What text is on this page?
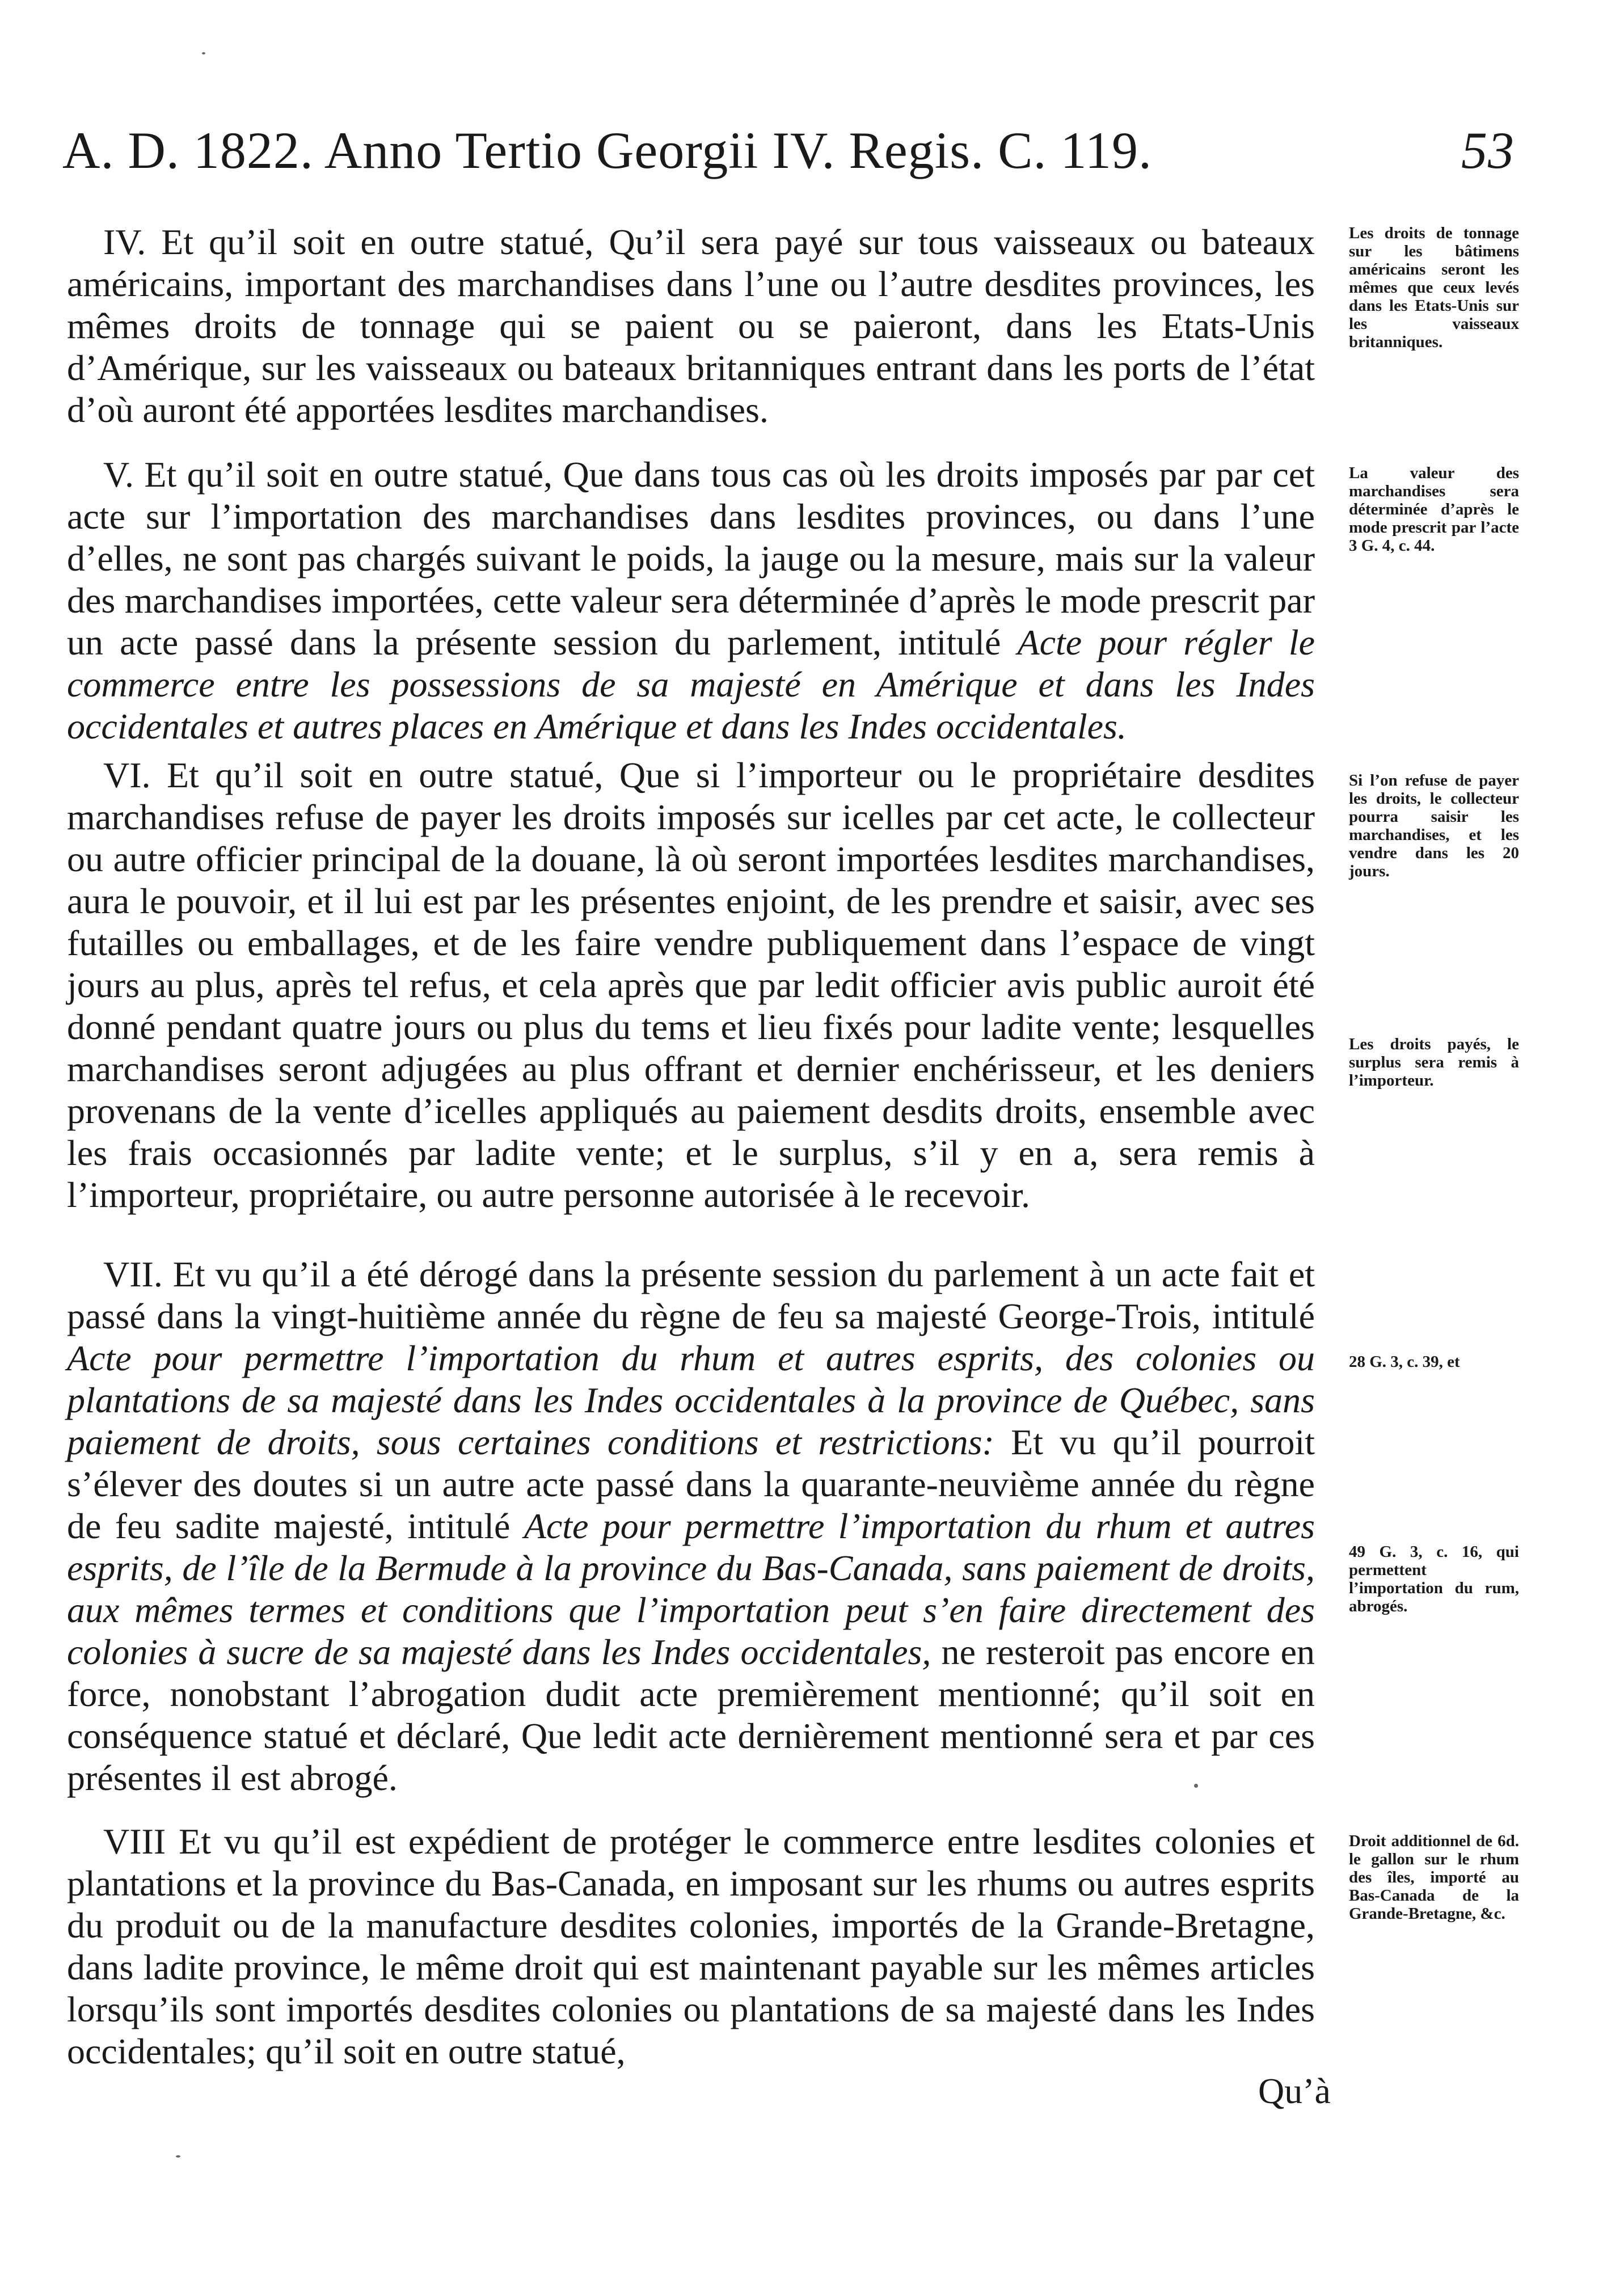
A. D. 1822. Anno Tertio Georgii IV. Regis. C. 119.	53

IV. Et qu’il soit en outre statué, Qu’il sera payé sur tous vaisseaux ou bateaux américains, important des marchandises dans l’une ou l’autre desdites provinces, les mêmes droits de tonnage qui se paient ou se paieront, dans les Etats-Unis d’Amérique, sur les vaisseaux ou bateaux britanniques entrant dans les ports de l’état d’où auront été apportées lesdites marchandises.

V. Et qu’il soit en outre statué, Que dans tous cas où les droits imposés par par cet acte sur l’importation des marchandises dans lesdites provinces, ou dans l’une d’elles, ne sont pas chargés suivant le poids, la jauge ou la mesure, mais sur la valeur des marchandises importées, cette valeur sera déterminée d’après le mode prescrit par un acte passé dans la présente session du parlement, intitulé Acte pour régler le commerce entre les possessions de sa majesté en Amérique et dans les Indes occidentales et autres places en Amérique et dans les Indes occidentales.

VI. Et qu’il soit en outre statué, Que si l’importeur ou le propriétaire desdites marchandises refuse de payer les droits imposés sur icelles par cet acte, le collecteur ou autre officier principal de la douane, là où seront importées lesdites marchandises, aura le pouvoir, et il lui est par les présentes enjoint, de les prendre et saisir, avec ses futailles ou emballages, et de les faire vendre publiquement dans l’espace de vingt jours au plus, après tel refus, et cela après que par ledit officier avis public auroit été donné pendant quatre jours ou plus du tems et lieu fixés pour ladite vente; lesquelles marchandises seront adjugées au plus offrant et dernier enchérisseur, et les deniers provenans de la vente d’icelles appliqués au paiement desdits droits, ensemble avec les frais occasionnés par ladite vente; et le surplus, s’il y en a, sera remis à l’importeur, propriétaire, ou autre personne autorisée à le recevoir.

VII. Et vu qu’il a été dérogé dans la présente session du parlement à un acte fait et passé dans la vingt-huitième année du règne de feu sa majesté George-Trois, intitulé Acte pour permettre l’importation du rhum et autres esprits, des colonies ou plantations de sa majesté dans les Indes occidentales à la province de Québec, sans paiement de droits, sous certaines conditions et restrictions: Et vu qu’il pourroit s’élever des doutes si un autre acte passé dans la quarante-neuvième année du règne de feu sadite majesté, intitulé Acte pour permettre l’importation du rhum et autres esprits, de l’île de la Bermude à la province du Bas-Canada, sans paiement de droits, aux mêmes termes et conditions que l’importation peut s’en faire directement des colonies à sucre de sa majesté dans les Indes occidentales, ne resteroit pas encore en force, nonobstant l’abrogation dudit acte premièrement mentionné; qu’il soit en conséquence statué et déclaré, Que ledit acte dernièrement mentionné sera et par ces présentes il est abrogé.

VIII Et vu qu’il est expédient de protéger le commerce entre lesdites colonies et plantations et la province du Bas-Canada, en imposant sur les rhums ou autres esprits du produit ou de la manufacture desdites colonies, importés de la Grande-Bretagne, dans ladite province, le même droit qui est maintenant payable sur les mêmes articles lorsqu’ils sont importés desdites colonies ou plantations de sa majesté dans les Indes occidentales; qu’il soit en outre statué,

Qu’à
Les droits de tonnage sur les bâtimens américains seront les mêmes que ceux levés dans les Etats-Unis sur les vaisseaux britanniques.
La valeur des marchandises sera déterminée d’après le mode prescrit par l’acte 3 G. 4, c. 44.
Si l’on refuse de payer les droits, le collecteur pourra saisir les marchandises, et les vendre dans les 20 jours.
Les droits payés, le surplus sera remis à l’importeur.
28 G. 3, c. 39, et
49 G. 3, c. 16, qui permettent l’importation du rum, abrogés.
Droit additionnel de 6d. le gallon sur le rhum des îles, importé au Bas-Canada de la Grande-Bretagne, &c.
